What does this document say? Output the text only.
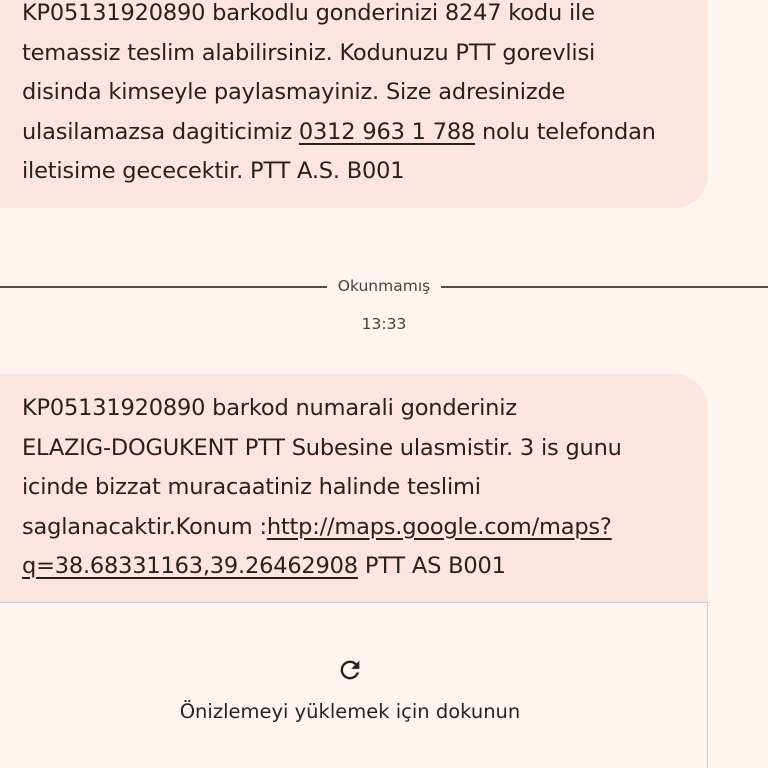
KP05131920890 barkodlu gonderinizi 8247 kodu ile
temassiz teslim alabilirsiniz. Kodunuzu PTT gorevlisi
disinda kimseyle paylasmayiniz. Size adresinizde
ulasilamazsa dagiticimiz 0312 963 1 788 nolu telefondan
iletisime gececektir. PTT A.S. B001
Okunmamış
13:33
KP05131920890 barkod numarali gonderiniz
ELAZIG-DOGUKENT PTT Subesine ulasmistir. 3 is gunu
icinde bizzat muracaatiniz halinde teslimi
saglanacaktir.Konum :http://maps.google.com/maps?
q=38.68331163,39.26462908 PTT AS B001
Önizlemeyi yüklemek için dokunun
